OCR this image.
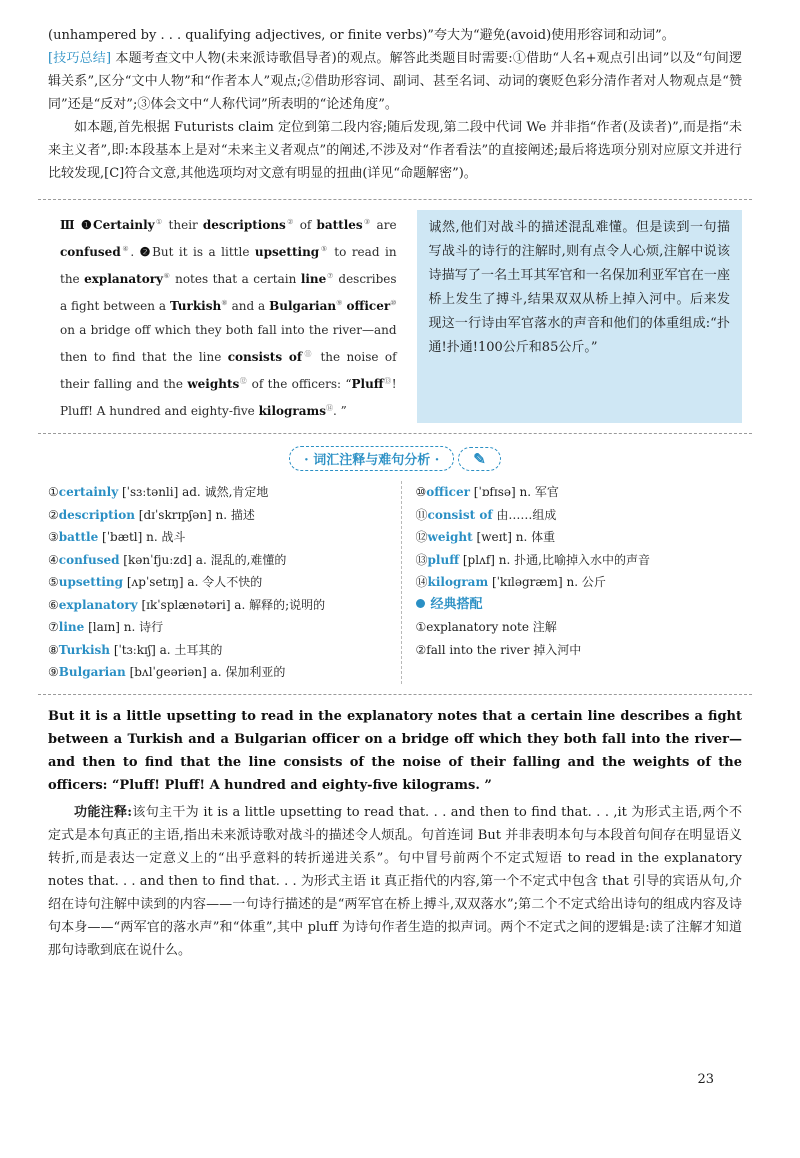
(unhampered by . . . qualifying adjectives, or finite verbs)”夸大为“避免(avoid)使用形容词和动词”。

[技巧总结] 本题考查文中人物(未来派诗歌倡导者)的观点。解答此类题目时需要:①借助“人名+观点引出词”以及“句间逻辑关系”,区分“文中人物”和“作者本人”观点;②借助形容词、副词、甚至名词、动词的褒贬色彩分清作者对人物观点是“赞同”还是“反对”;③体会文中“人称代词”所表明的“论述角度”。

如本题,首先根据 Futurists claim 定位到第二段内容;随后发现,第二段中代词 We 并非指“作者(及读者)”,而是指“未来主义者”,即:本段基本上是对“未来主义者观点”的阐述,不涉及对“作者看法”的直接阐述;最后将选项分别对应原文并进行比较发现,[C]符合文意,其他选项均对文意有明显的扭曲(详见“命题解密”)。

Ⅲ ❶Certainly① their descriptions② of battles③ are confused④. ❷But it is a little upsetting⑤ to read in the explanatory⑥ notes that a certain line⑦ describes a fight between a Turkish⑧ and a Bulgarian⑨ officer⑩ on a bridge off which they both fall into the river—and then to find that the line consists of⑪ the noise of their falling and the weights⑫ of the officers: “Pluff⑬! Pluff! A hundred and eighty-five kilograms⑭. ”
诚然,他们对战斗的描述混乱难懂。但是读到一句描写战斗的诗行的注解时,则有点令人心烦,注解中说该诗描写了一名土耳其军官和一名保加利亚军官在一座桥上发生了搏斗,结果双双从桥上掉入河中。后来发现这一行诗由军官落水的声音和他们的体重组成:“扑通!扑通!100公斤和85公斤。”
· 词汇注释与难句分析 · ✎
①certainly [ˈsɜːtənli] ad. 诚然,肯定地
②description [dɪˈskrɪpʃən] n. 描述
③battle [ˈbætl] n. 战斗
④confused [kənˈfjuːzd] a. 混乱的,难懂的
⑤upsetting [ʌpˈsetɪŋ] a. 令人不快的
⑥explanatory [ɪkˈsplænətəri] a. 解释的;说明的
⑦line [laɪn] n. 诗行
⑧Turkish [ˈtɜːkɪʃ] a. 土耳其的
⑨Bulgarian [bʌlˈgeəriən] a. 保加利亚的
⑩officer [ˈɒfɪsə] n. 军官
⑪consist of 由……组成
⑫weight [weɪt] n. 体重
⑬pluff [plʌf] n. 扑通,比喻掉入水中的声音
⑭kilogram [ˈkɪləgræm] n. 公斤
经典搭配
①explanatory note 注解
②fall into the river 掉入河中

But it is a little upsetting to read in the explanatory notes that a certain line describes a fight between a Turkish and a Bulgarian officer on a bridge off which they both fall into the river—and then to find that the line consists of the noise of their falling and the weights of the officers: “Pluff! Pluff! A hundred and eighty-five kilograms. ”

功能注释:该句主干为 it is a little upsetting to read that. . . and then to find that. . . ,it 为形式主语,两个不定式是本句真正的主语,指出未来派诗歌对战斗的描述令人烦乱。句首连词 But 并非表明本句与本段首句间存在明显语义转折,而是表达一定意义上的“出乎意料的转折递进关系”。句中冒号前两个不定式短语 to read in the explanatory notes that. . . and then to find that. . . 为形式主语 it 真正指代的内容,第一个不定式中包含 that 引导的宾语从句,介绍在诗句注解中读到的内容——一句诗行描述的是“两军官在桥上搏斗,双双落水”;第二个不定式给出诗句的组成内容及诗句本身——“两军官的落水声”和“体重”,其中 pluff 为诗句作者生造的拟声词。两个不定式之间的逻辑是:读了注解才知道那句诗歌到底在说什么。

23
